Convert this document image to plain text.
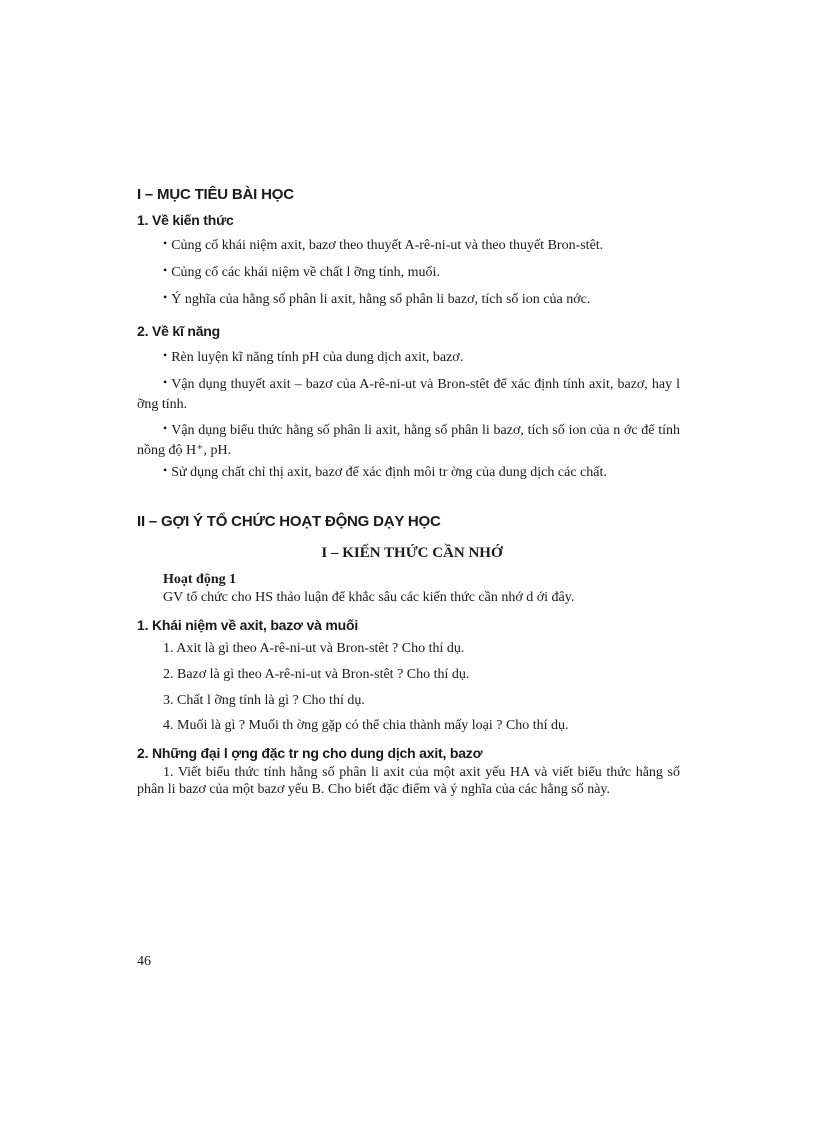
I – MỤC TIÊU BÀI HỌC
1. Về kiến thức
• Củng cố khái niệm axit, bazơ theo thuyết A-rê-ni-ut và theo thuyết Bron-stêt.
• Củng cố các khái niệm về chất l ỡng tính, muối.
• Ý nghĩa của hằng số phân li axit, hằng số phân li bazơ, tích số ion của nớc.
2. Về kĩ năng
• Rèn luyện kĩ năng tính pH của dung dịch axit, bazơ.
• Vận dụng thuyết axit – bazơ của A-rê-ni-ut và Bron-stêt để xác định tính axit, bazơ, hay l ỡng tính.
• Vận dụng biểu thức hằng số phân li axit, hằng số phân li bazơ, tích số ion của n ớc để tính nồng độ H⁺, pH.
• Sử dụng chất chỉ thị axit, bazơ để xác định môi tr ờng của dung dịch các chất.
II – GỢI Ý TỔ CHỨC HOẠT ĐỘNG DẠY HỌC
I – KIẾN THỨC CẦN NHỚ
Hoạt động 1
GV tổ chức cho HS thảo luận để khắc sâu các kiến thức cần nhớ d ới đây.
1. Khái niệm về axit, bazơ và muối
1. Axit là gì theo A-rê-ni-ut và Bron-stêt ? Cho thí dụ.
2. Bazơ là gì theo A-rê-ni-ut và Bron-stêt ? Cho thí dụ.
3. Chất l ỡng tính là gì ? Cho thí dụ.
4. Muối là gì ? Muối th ờng gặp có thể chia thành mấy loại ? Cho thí dụ.
2. Những đại l ợng đặc tr ng cho dung dịch axit, bazơ
1. Viết biểu thức tính hằng số phân li axit của một axit yếu HA và viết biểu thức hằng số phân li bazơ của một bazơ yếu B. Cho biết đặc điểm và ý nghĩa của các hằng số này.
46
